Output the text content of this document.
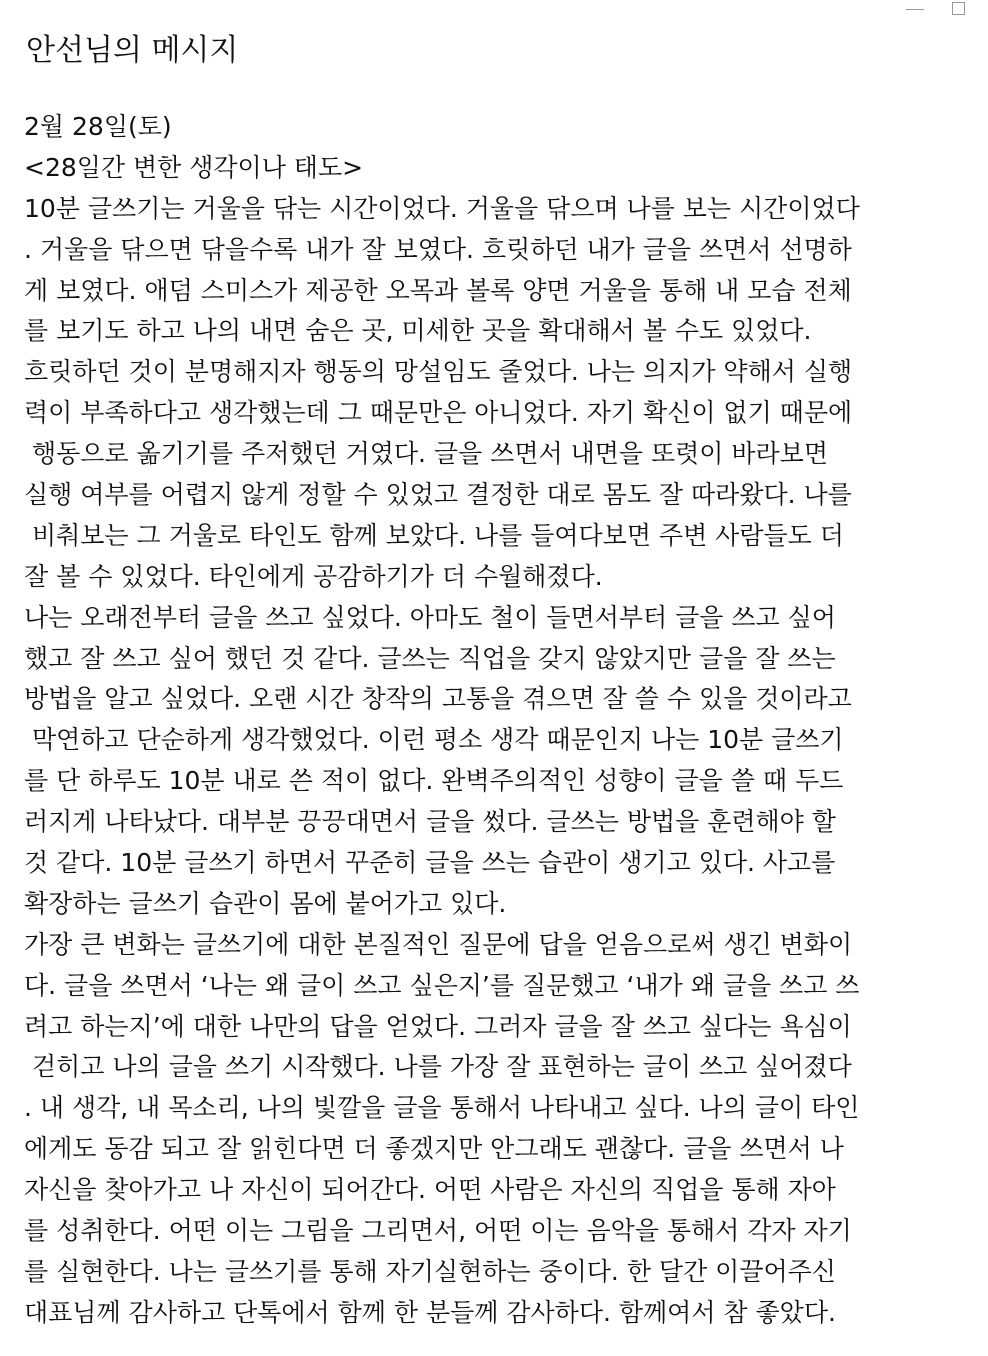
안선님의 메시지
2월 28일(토)
<28일간 변한 생각이나 태도>
10분 글쓰기는 거울을 닦는 시간이었다. 거울을 닦으며 나를 보는 시간이었다
. 거울을 닦으면 닦을수록 내가 잘 보였다. 흐릿하던 내가 글을 쓰면서 선명하
게 보였다. 애덤 스미스가 제공한 오목과 볼록 양면 거울을 통해 내 모습 전체
를 보기도 하고 나의 내면 숨은 곳, 미세한 곳을 확대해서 볼 수도 있었다.
흐릿하던 것이 분명해지자 행동의 망설임도 줄었다. 나는 의지가 약해서 실행
력이 부족하다고 생각했는데 그 때문만은 아니었다. 자기 확신이 없기 때문에
행동으로 옮기기를 주저했던 거였다. 글을 쓰면서 내면을 또렷이 바라보면
실행 여부를 어렵지 않게 정할 수 있었고 결정한 대로 몸도 잘 따라왔다. 나를
비춰보는 그 거울로 타인도 함께 보았다. 나를 들여다보면 주변 사람들도 더
잘 볼 수 있었다. 타인에게 공감하기가 더 수월해졌다.
나는 오래전부터 글을 쓰고 싶었다. 아마도 철이 들면서부터 글을 쓰고 싶어
했고 잘 쓰고 싶어 했던 것 같다. 글쓰는 직업을 갖지 않았지만 글을 잘 쓰는
방법을 알고 싶었다. 오랜 시간 창작의 고통을 겪으면 잘 쓸 수 있을 것이라고
막연하고 단순하게 생각했었다. 이런 평소 생각 때문인지 나는 10분 글쓰기
를 단 하루도 10분 내로 쓴 적이 없다. 완벽주의적인 성향이 글을 쓸 때 두드
러지게 나타났다. 대부분 끙끙대면서 글을 썼다. 글쓰는 방법을 훈련해야 할
것 같다. 10분 글쓰기 하면서 꾸준히 글을 쓰는 습관이 생기고 있다. 사고를
확장하는 글쓰기 습관이 몸에 붙어가고 있다.
가장 큰 변화는 글쓰기에 대한 본질적인 질문에 답을 얻음으로써 생긴 변화이
다. 글을 쓰면서 ‘나는 왜 글이 쓰고 싶은지’를 질문했고 ‘내가 왜 글을 쓰고 쓰
려고 하는지’에 대한 나만의 답을 얻었다. 그러자 글을 잘 쓰고 싶다는 욕심이
걷히고 나의 글을 쓰기 시작했다. 나를 가장 잘 표현하는 글이 쓰고 싶어졌다
. 내 생각, 내 목소리, 나의 빛깔을 글을 통해서 나타내고 싶다. 나의 글이 타인
에게도 동감 되고 잘 읽힌다면 더 좋겠지만 안그래도 괜찮다. 글을 쓰면서 나
자신을 찾아가고 나 자신이 되어간다. 어떤 사람은 자신의 직업을 통해 자아
를 성취한다. 어떤 이는 그림을 그리면서, 어떤 이는 음악을 통해서 각자 자기
를 실현한다. 나는 글쓰기를 통해 자기실현하는 중이다. 한 달간 이끌어주신
대표님께 감사하고 단톡에서 함께 한 분들께 감사하다. 함께여서 참 좋았다.
